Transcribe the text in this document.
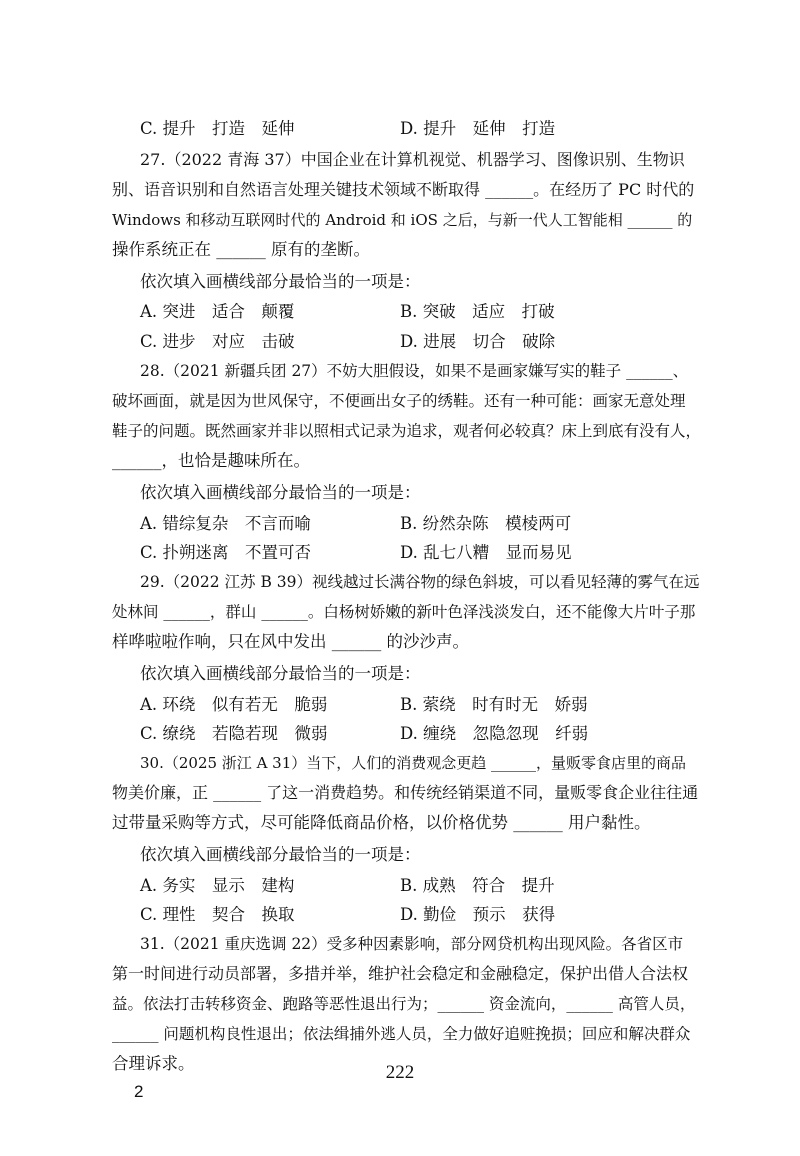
C. 提升　打造　延伸	D. 提升　延伸　打造
27.（2022 青海 37）中国企业在计算机视觉、机器学习、图像识别、生物识
别、语音识别和自然语言处理关键技术领域不断取得 ______。在经历了 PC 时代的
Windows 和移动互联网时代的 Android 和 iOS 之后，与新一代人工智能相 ______ 的
操作系统正在 ______ 原有的垄断。
依次填入画横线部分最恰当的一项是：
A. 突进　适合　颠覆	B. 突破　适应　打破
C. 进步　对应　击破	D. 进展　切合　破除
28.（2021 新疆兵团 27）不妨大胆假设，如果不是画家嫌写实的鞋子 ______、
破坏画面，就是因为世风保守，不便画出女子的绣鞋。还有一种可能：画家无意处理
鞋子的问题。既然画家并非以照相式记录为追求，观者何必较真？床上到底有没有人，
______，也恰是趣味所在。
依次填入画横线部分最恰当的一项是：
A. 错综复杂　不言而喻	B. 纷然杂陈　模棱两可
C. 扑朔迷离　不置可否	D. 乱七八糟　显而易见
29.（2022 江苏 B 39）视线越过长满谷物的绿色斜坡，可以看见轻薄的雾气在远
处林间 ______，群山 ______。白杨树娇嫩的新叶色泽浅淡发白，还不能像大片叶子那
样哗啦啦作响，只在风中发出 ______ 的沙沙声。
依次填入画横线部分最恰当的一项是：
A. 环绕　似有若无　脆弱	B. 萦绕　时有时无　娇弱
C. 缭绕　若隐若现　微弱	D. 缠绕　忽隐忽现　纤弱
30.（2025 浙江 A 31）当下，人们的消费观念更趋 ______，量贩零食店里的商品
物美价廉，正 ______ 了这一消费趋势。和传统经销渠道不同，量贩零食企业往往通
过带量采购等方式，尽可能降低商品价格，以价格优势 ______ 用户黏性。
依次填入画横线部分最恰当的一项是：
A. 务实　显示　建构	B. 成熟　符合　提升
C. 理性　契合　换取	D. 勤俭　预示　获得
31.（2021 重庆选调 22）受多种因素影响，部分网贷机构出现风险。各省区市
第一时间进行动员部署，多措并举，维护社会稳定和金融稳定，保护出借人合法权
益。依法打击转移资金、跑路等恶性退出行为；______ 资金流向，______ 高管人员，
______ 问题机构良性退出；依法缉捕外逃人员，全力做好追赃挽损；回应和解决群众
合理诉求。	222
2
